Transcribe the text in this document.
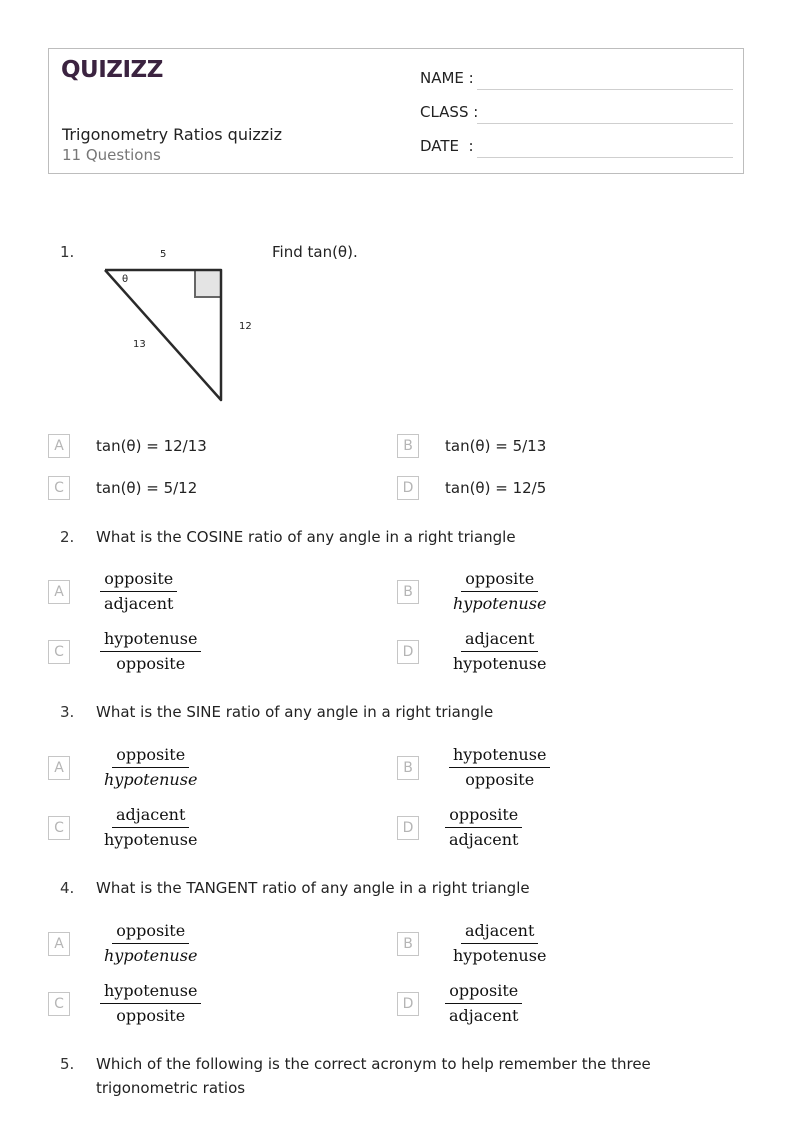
QUIZIZZ
Trigonometry Ratios quizziz
11 Questions
NAME :
CLASS :
DATE  :
1.	5
θ
12
13
Find tan(θ).
A	tan(θ) = 12/13	B	tan(θ) = 5/13
C	tan(θ) = 5/12	D	tan(θ) = 12/5
2. What is the COSINE ratio of any angle in a right triangle
A	$\frac{\text{opposite}}{\text{adjacent}}$	B	$\frac{\text{opposite}}{\text{hypotenuse}}$
C	$\frac{\text{hypotenuse}}{\text{opposite}}$	D	$\frac{\text{adjacent}}{\text{hypotenuse}}$
3. What is the SINE ratio of any angle in a right triangle
A	$\frac{\text{opposite}}{\text{hypotenuse}}$	B	$\frac{\text{hypotenuse}}{\text{opposite}}$
C	$\frac{\text{adjacent}}{\text{hypotenuse}}$	D	$\frac{\text{opposite}}{\text{adjacent}}$
4. What is the TANGENT ratio of any angle in a right triangle
A	$\frac{\text{opposite}}{\text{hypotenuse}}$	B	$\frac{\text{adjacent}}{\text{hypotenuse}}$
C	$\frac{\text{hypotenuse}}{\text{opposite}}$	D	$\frac{\text{opposite}}{\text{adjacent}}$
5. Which of the following is the correct acronym to help remember the three trigonometric ratios
